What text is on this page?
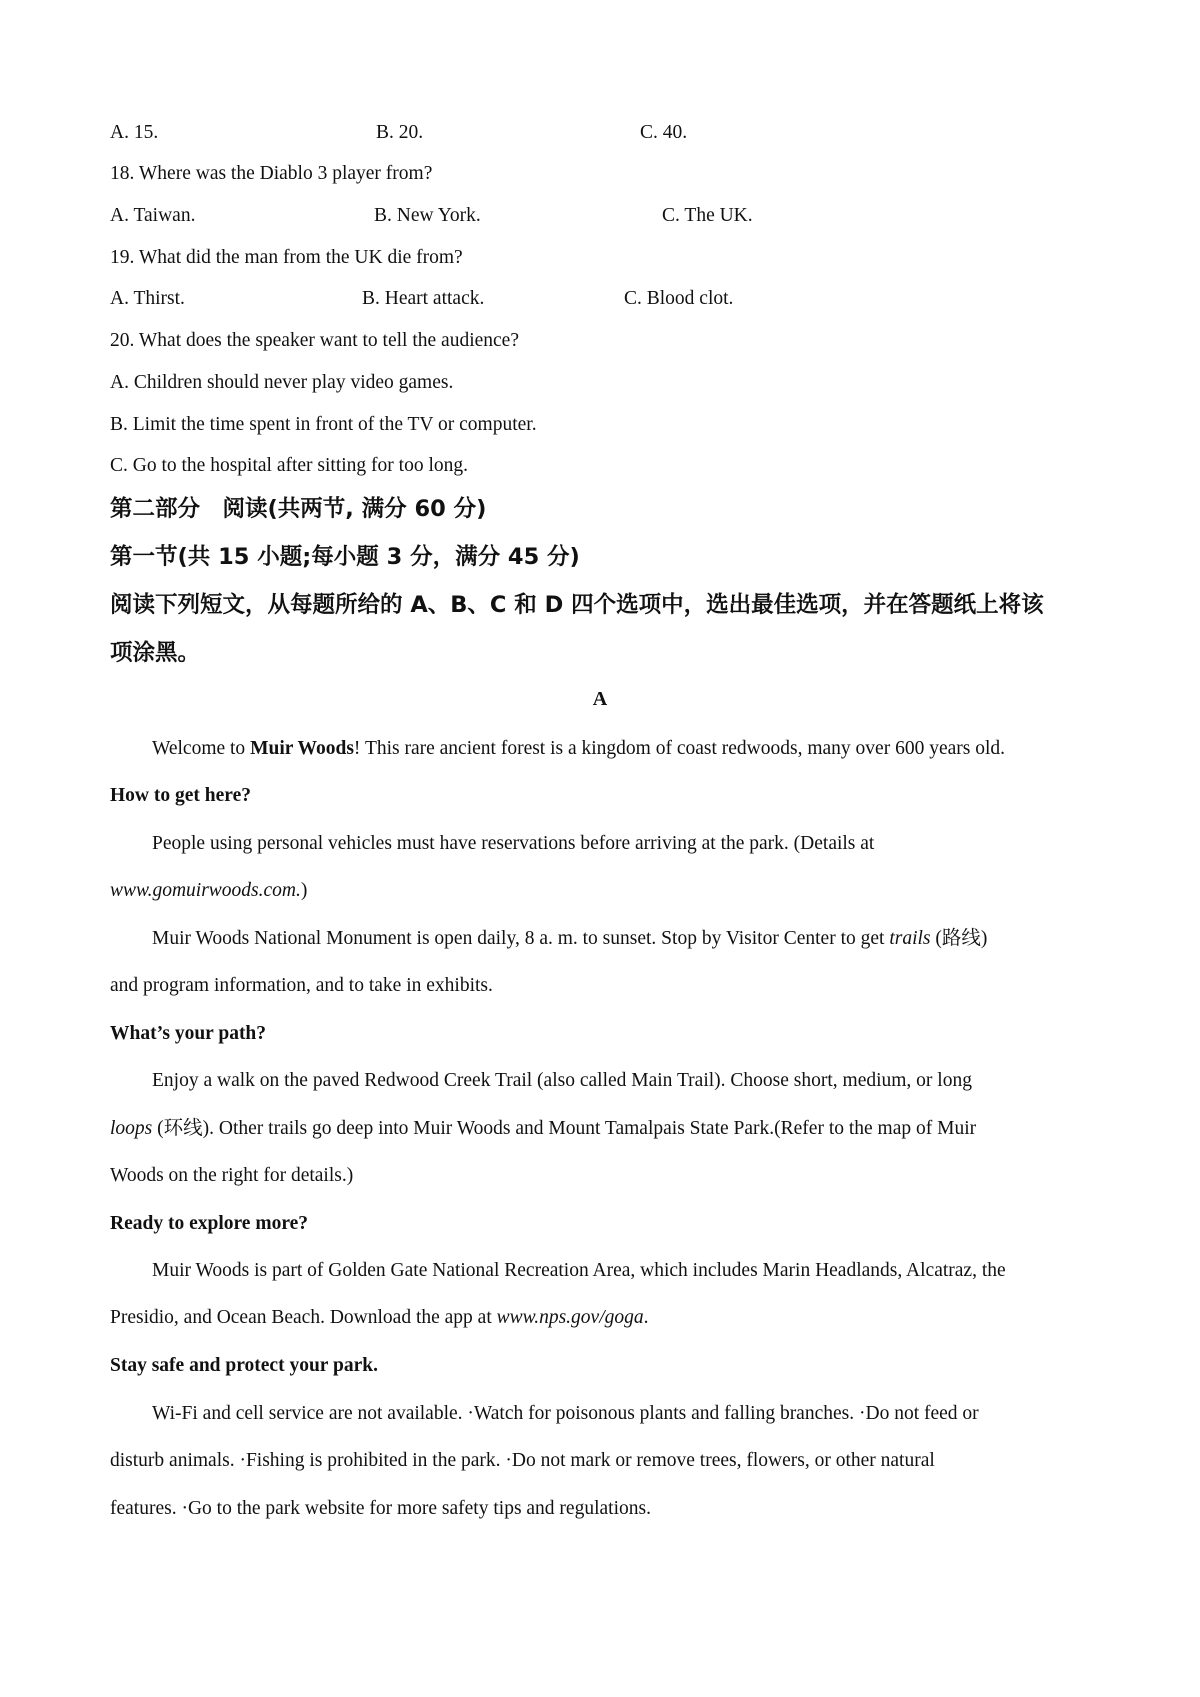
A. 15.	B. 20.	C. 40.
18. Where was the Diablo 3 player from?
A. Taiwan.	B. New York.	C. The UK.
19. What did the man from the UK die from?
A. Thirst.	B. Heart attack.	C. Blood clot.
20. What does the speaker want to tell the audience?
A. Children should never play video games.
B. Limit the time spent in front of the TV or computer.
C. Go to the hospital after sitting for too long.
第二部分　阅读(共两节, 满分 60 分)
第一节(共 15 小题;每小题 3 分，满分 45 分)
阅读下列短文，从每题所给的 A、B、C 和 D 四个选项中，选出最佳选项，并在答题纸上将该
项涂黑。
A
Welcome to Muir Woods! This rare ancient forest is a kingdom of coast redwoods, many over 600 years old.
How to get here?
People using personal vehicles must have reservations before arriving at the park. (Details at
www.gomuirwoods.com.)
Muir Woods National Monument is open daily, 8 a. m. to sunset. Stop by Visitor Center to get trails (路线)
and program information, and to take in exhibits.
What’s your path?
Enjoy a walk on the paved Redwood Creek Trail (also called Main Trail). Choose short, medium, or long
loops (环线). Other trails go deep into Muir Woods and Mount Tamalpais State Park.(Refer to the map of Muir
Woods on the right for details.)
Ready to explore more?
Muir Woods is part of Golden Gate National Recreation Area, which includes Marin Headlands, Alcatraz, the
Presidio, and Ocean Beach. Download the app at www.nps.gov/goga.
Stay safe and protect your park.
Wi-Fi and cell service are not available. ·Watch for poisonous plants and falling branches. ·Do not feed or
disturb animals. ·Fishing is prohibited in the park. ·Do not mark or remove trees, flowers, or other natural
features. ·Go to the park website for more safety tips and regulations.
